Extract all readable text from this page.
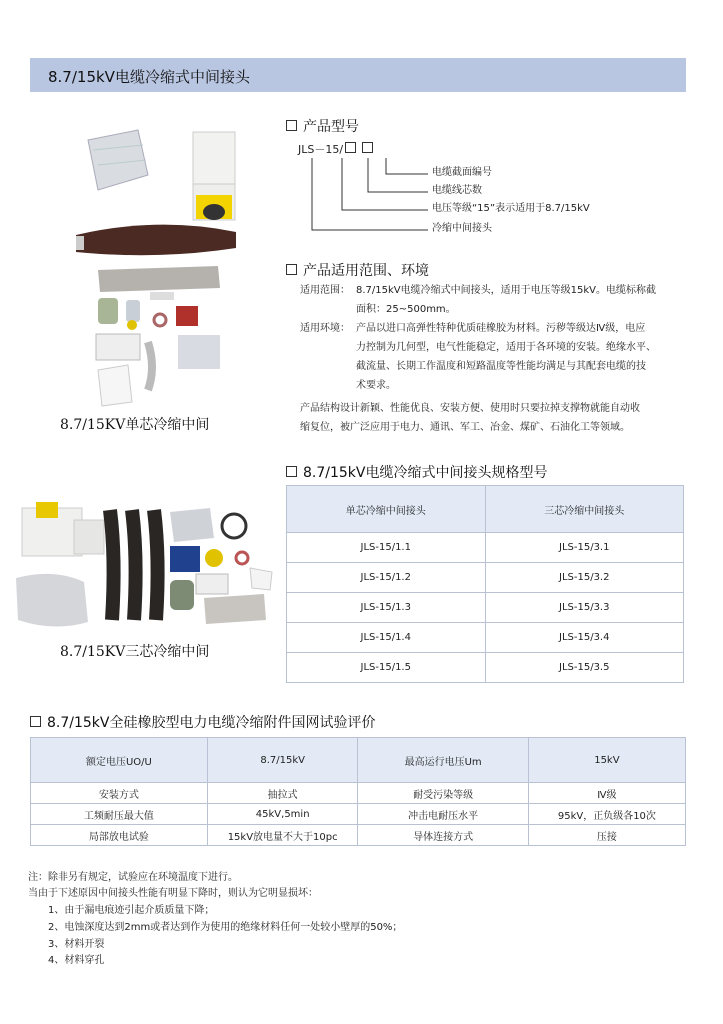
8.7/15kV电缆冷缩式中间接头
8.7/15KV单芯冷缩中间
8.7/15KV三芯冷缩中间
产品型号
JLS－15/
电缆截面编号
电缆线芯数
电压等级“15”表示适用于8.7/15kV
冷缩中间接头
产品适用范围、环境
适用范围： 8.7/15kV电缆冷缩式中间接头，适用于电压等级15kV。电缆标称截
面积：25~500mm。
适用环境： 产品以进口高弹性特种优质硅橡胶为材料。污秽等级达Ⅳ级，电应
力控制为几何型，电气性能稳定，适用于各环境的安装。绝缘水平、
截流量、长期工作温度和短路温度等性能均满足与其配套电缆的技
术要求。
产品结构设计新颖、性能优良、安装方便、使用时只要拉掉支撑物就能自动收
缩复位，被广泛应用于电力、通讯、军工、冶金、煤矿、石油化工等领域。
8.7/15kV电缆冷缩式中间接头规格型号
单芯冷缩中间接头	三芯冷缩中间接头
JLS-15/1.1	JLS-15/3.1
JLS-15/1.2	JLS-15/3.2
JLS-15/1.3	JLS-15/3.3
JLS-15/1.4	JLS-15/3.4
JLS-15/1.5	JLS-15/3.5
8.7/15kV全硅橡胶型电力电缆冷缩附件国网试验评价
额定电压UO/U	8.7/15kV	最高运行电压Um	15kV
安装方式	抽拉式	耐受污染等级	Ⅳ级
工频耐压最大值	45kV,5min	冲击电耐压水平	95kV，正负级各10次
局部放电试验	15kV放电量不大于10pc	导体连接方式	压接
注：除非另有规定，试验应在环境温度下进行。
当由于下述原因中间接头性能有明显下降时，则认为它明显损坏：
1、由于漏电痕迹引起介质质量下降；
2、电蚀深度达到2mm或者达到作为使用的绝缘材料任何一处较小壁厚的50%；
3、材料开裂
4、材料穿孔
